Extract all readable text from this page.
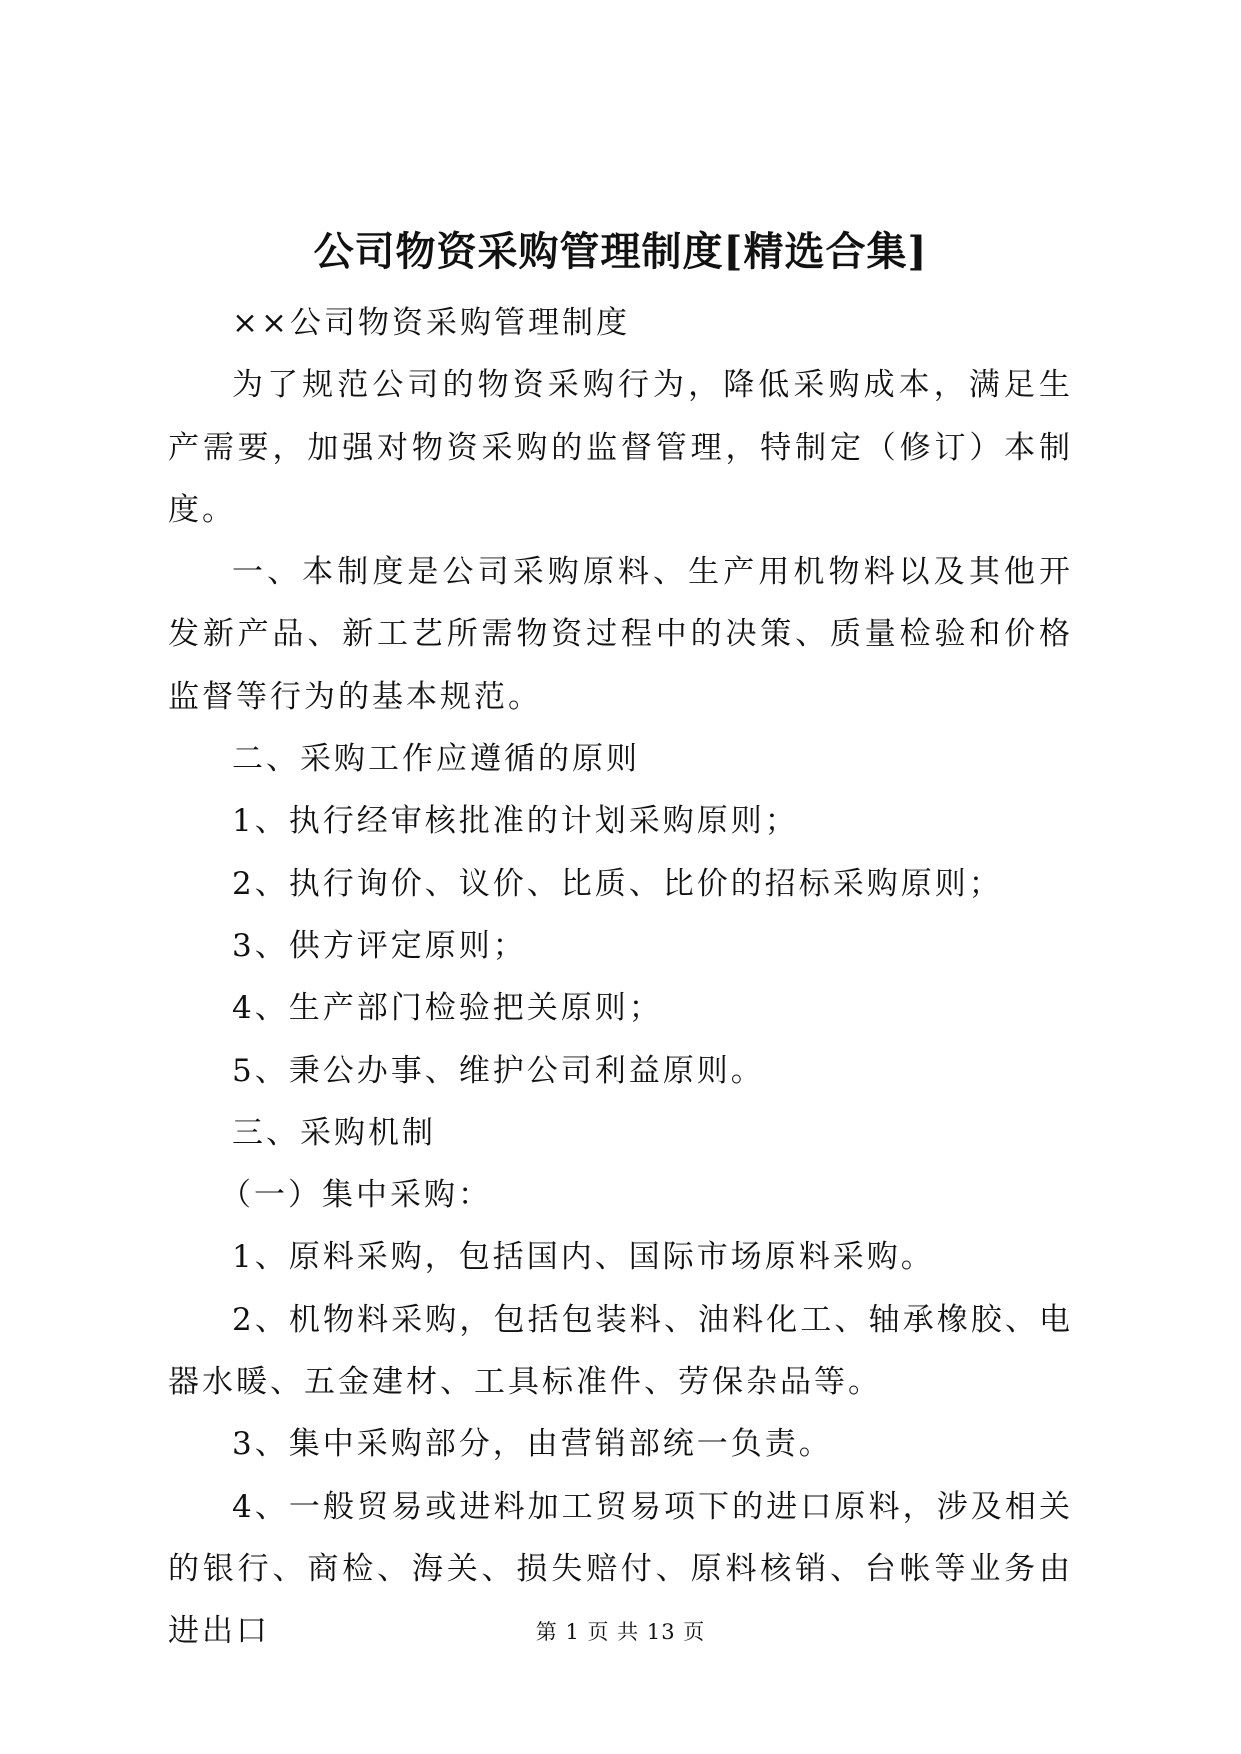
公司物资采购管理制度[精选合集]

××公司物资采购管理制度

为了规范公司的物资采购行为，降低采购成本，满足生产需要，加强对物资采购的监督管理，特制定（修订）本制度。

一、本制度是公司采购原料、生产用机物料以及其他开发新产品、新工艺所需物资过程中的决策、质量检验和价格监督等行为的基本规范。

二、采购工作应遵循的原则

1、执行经审核批准的计划采购原则；

2、执行询价、议价、比质、比价的招标采购原则；

3、供方评定原则；

4、生产部门检验把关原则；

5、秉公办事、维护公司利益原则。

三、采购机制

（一）集中采购：

1、原料采购，包括国内、国际市场原料采购。

2、机物料采购，包括包装料、油料化工、轴承橡胶、电器水暖、五金建材、工具标准件、劳保杂品等。

3、集中采购部分，由营销部统一负责。

4、一般贸易或进料加工贸易项下的进口原料，涉及相关的银行、商检、海关、损失赔付、原料核销、台帐等业务由进出口	第 1 页 共 13 页
